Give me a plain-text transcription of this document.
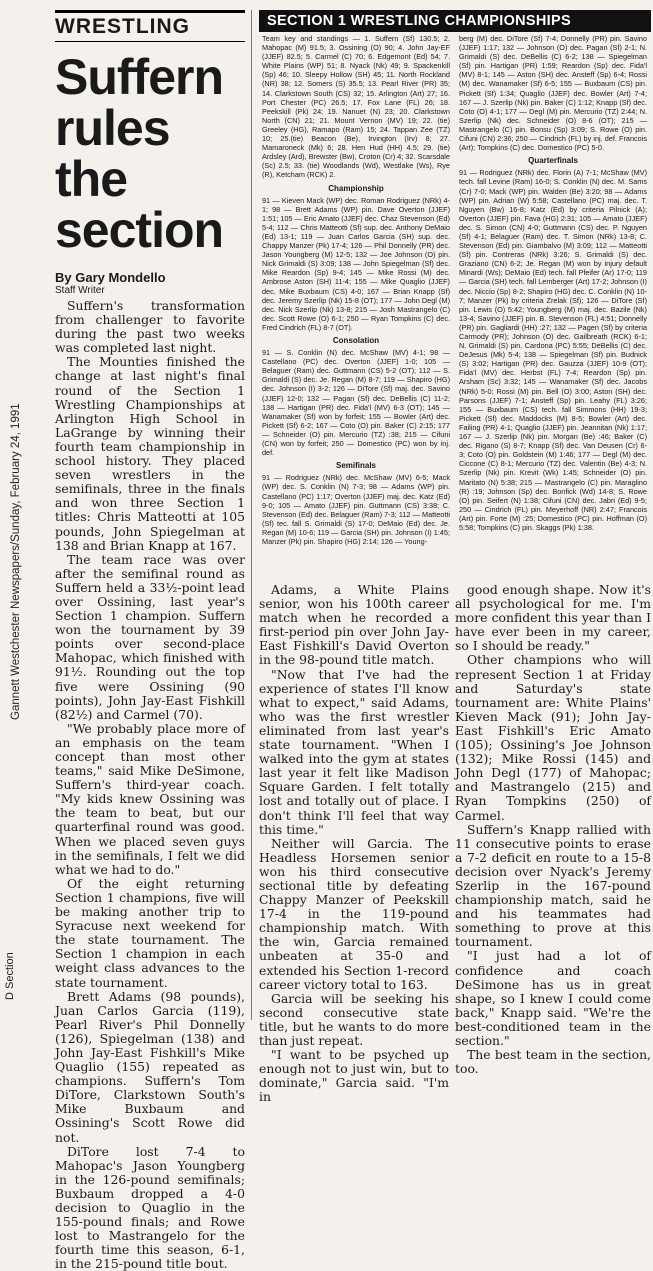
Gannett Westchester Newspapers/Sunday, February 24, 1991
D Section
WRESTLING
Suffern
rules the
section
By Gary Mondello
Staff Writer

Suffern's transformation from challenger to favorite during the past two weeks was completed last night.

The Mounties finished the change at last night's final round of the Section 1 Wrestling Championships at Arlington High School in LaGrange by winning their fourth team championship in school history. They placed seven wrestlers in the semifinals, three in the finals and won three Section 1 titles: Chris Matteotti at 105 pounds, John Spiegelman at 138 and Brian Knapp at 167.

The team race was over after the semifinal round as Suffern held a 33½-point lead over Ossining, last year's Section 1 champion. Suffern won the tournament by 39 points over second-place Mahopac, which finished with 91½. Rounding out the top five were Ossining (90 points), John Jay-East Fishkill (82½) and Carmel (70).

"We probably place more of an emphasis on the team concept than most other teams," said Mike DeSimone, Suffern's third-year coach. "My kids knew Ossining was the team to beat, but our quarterfinal round was good. When we placed seven guys in the semifinals, I felt we did what we had to do."

Of the eight returning Section 1 champions, five will be making another trip to Syracuse next weekend for the state tournament. The Section 1 champion in each weight class advances to the state tournament.

Brett Adams (98 pounds), Juan Carlos Garcia (119), Pearl River's Phil Donnelly (126), Spiegelman (138) and John Jay-East Fishkill's Mike Quaglio (155) repeated as champions. Suffern's Tom DiTore, Clarkstown South's Mike Buxbaum and Ossining's Scott Rowe did not.

DiTore lost 7-4 to Mahopac's Jason Youngberg in the 126-pound semifinals; Buxbaum dropped a 4-0 decision to Quaglio in the 155-pound finals; and Rowe lost to Mastrangelo for the fourth time this season, 6-1, in the 215-pound title bout.

SECTION 1 WRESTLING CHAMPIONSHIPS

Team key and standings — 1. Suffern (Sf) 130.5; 2. Mahopac (M) 91.5; 3. Ossining (O) 90; 4. John Jay-EF (JJEF) 82.5; 5. Carmel (C) 70; 6. Edgemont (Ed) 54; 7. White Plains (WP) 51; 8. Nyack (Nk) 49; 9. Spackenkill (Sp) 46; 10. Sleepy Hollow (SH) 45; 11. North Rockland (NR) 38; 12. Somers (S) 35.5; 13. Pearl River (PR) 35; 14. Clarkstown South (CS) 32; 15. Arlington (Art) 27; 16. Port Chester (PC) 26.5; 17. Fox Lane (FL) 26; 18. Peekskill (Pk) 24; 19. Nanuet (N) 23; 20. Clarkstown North (CN) 21; 21. Mount Vernon (MV) 19; 22. (tie) Greeley (HG), Ramapo (Ram) 15; 24. Tappan Zee (TZ) 10; 25.(tie) Beacon (Be), Irvington (Irv) 8; 27. Mamaroneck (Mk) 6; 28. Hen Hud (HH) 4.5; 29. (tie) Ardsley (Ard), Brewster (Bw), Croton (Cr) 4; 32. Scarsdale (Sc) 2.5; 33. (tie) Woodlands (Wd), Westlake (Ws), Rye (R), Ketcham (RCK) 2.

Championship

91 — Kieven Mack (WP) dec. Roman Rodriguez (NRk) 4-1; 98 — Brett Adams (WP) pin. Dave Overton (JJEF) 1:51; 105 — Eric Amato (JJEF) dec. Chaz Stevenson (Ed) 5-4; 112 — Chris Matteotti (Sf) sup. dec. Anthony DeMaio (Ed) 13-1; 119 — Juan Carlos Garcia (SH) sup. dec. Chappy Manzer (Pk) 17-4; 126 — Phil Donnelly (PR) dec. Jason Youngberg (M) 12-5; 132 — Joe Johnson (O) pin. Nick Grimaldi (S) 3:09; 138 — John Spiegelman (Sf) dec. Mike Reardon (Sp) 9-4; 145 — Mike Rossi (M) dec. Ambrose Aston (SH) 11-4; 155 — Mike Quaglio (JJEF) dec. Mike Buxbaum (CS) 4-0; 167 — Brian Knapp (Sf) dec. Jeremy Szerlip (Nk) 15-8 (OT); 177 — John Degl (M) dec. Nick Szerlip (Nk) 13-8; 215 — Josh Mastrangelo (C) dec. Scott Rowe (O) 6-1; 250 — Ryan Tompkins (C) dec. Fred Cindrich (FL) 8-7 (OT).

Consolation

91 — S. Conklin (N) dec. McShaw (MV) 4-1; 98 — Castellano (PC) dec. Overton (JJEF) 1-0; 105 — Belaguer (Ram) dec. Guttmann (CS) 5-2 (OT); 112 — S. Grimaldi (S) dec. Je. Regan (M) 8-7; 119 — Shapiro (HG) dec. Johnson (I) 3-2; 126 — DiTore (Sf) maj. dec. Savino (JJEF) 12-0; 132 — Pagan (Sf) dec. DeBellis (C) 11-2; 138 — Hartigan (PR) dec. Fida'l (MV) 6-3 (OT); 145 — Wanamaker (Sf) won by forfeit; 155 — Bowler (Art) dec. Pickett (Sf) 6-2; 167 — Coto (O) pin. Baker (C) 2:15; 177 — Schneider (O) pin. Mercurio (TZ) :38; 215 — Cifuni (CN) won by forfeit; 250 — Domestico (PC) won by inj. def.

Semifinals

91 — Rodriguez (NRk) dec. McShaw (MV) 6-5; Mack (WP) dec. S. Conklin (N) 7-3; 98 — Adams (WP) pin. Castellano (PC) 1:17; Overton (JJEF) maj. dec. Katz (Ed) 9-0; 105 — Amato (JJEF) pin. Guttmann (CS) 3:38; C. Stevenson (Ed) dec. Belaguer (Ram) 7-3; 112 — Matteotti (Sf) tec. fall S. Grimaldi (S) 17-0; DeMaio (Ed) dec. Je. Regan (M) 10-6; 119 — Garcia (SH) pin. Johnson (I) 1:45; Manzer (Pk) pin. Shapiro (HG) 2:14; 126 — Young-

berg (M) dec. DiTore (Sf) 7-4; Donnelly (PR) pin. Savino (JJEF) 1:17; 132 — Johnson (O) dec. Pagan (Sf) 2-1; N. Grimaldi (S) dec. DeBellis (C) 6-2; 138 — Spiegelman (Sf) pin. Hartigan (PR) 1:59; Reardon (Sp) dec. Fida'l (MV) 8-1; 145 — Aston (SH) dec. Ansteff (Sp) 6-4; Rossi (M) dec. Wanamaker (Sf) 6-5; 155 — Buxbaum (CS) pin. Pickett (Sf) 1:34; Quaglio (JJEF) dec. Bowler (Art) 7-4; 167 — J. Szerlip (Nk) pin. Baker (C) 1:12; Knapp (Sf) dec. Coto (O) 4-1; 177 — Degl (M) pin. Mercurio (TZ) 2:44; N. Szerlip (Nk) dec. Schneider (O) 8-6 (OT); 215 — Mastrangelo (C) pin. Bonsu (Sp) 3:09; S. Rowe (O) pin. Cifuni (CN) 2:36; 250 — Cindrich (FL) by inj. def. Francois (Art); Tompkins (C) dec. Domestico (PC) 5-0.

Quarterfinals

91 — Rodriguez (NRk) dec. Florin (A) 7-1; McShaw (MV) tech. fall Levine (Ram) 16-0; S. Conklin (N) dec. M. Sams (Cr) 7-0; Mack (WP) pin. Walden (Be) 3:20; 98 — Adams (WP) pin. Adrian (W) 5:58; Castellano (PC) maj. dec. T. Nguyen (Bw) 16-8; Katz (Ed) by criteria Pilnick (A); Overton (JJEF) pin. Fava (HG) 2:31; 105 — Amato (JJEF) dec. S. Simon (CN) 4-0; Guttmann (CS) dec. P. Nguyen (Sf) 4-1; Belaguer (Ram) dec. T. Simon (NRk) 13-8; C. Stevenson (Ed) pin. Giambalvo (M) 3:09; 112 — Matteotti (Sf) pin. Contreras (NRk) 3:26; S. Grimaldi (S) dec. Graziano (CN) 6-2; Je. Regan (M) won by injury default Minardi (Ws); DeMaio (Ed) tech. fall Pfeifer (Ar) 17-0; 119 — Garcia (SH) tech. fall Lemberger (Art) 17-2; Johnson (I) dec. Niccio (Sp) 8-2; Shapiro (HG) dec. C. Conklin (N) 10-7; Manzer (Pk) by criteria Zrelak (Sf); 126 — DiTore (Sf) pin. Lewis (O) 5:42; Youngberg (M) maj. dec. Bazile (Nk) 13-4; Savino (JJEF) pin. B. Stevenson (FL) 4:51; Donnelly (PR) pin. Gagliardi (HH) :27; 132 — Pagen (Sf) by criteria Carmody (PR); Johnson (O) dec. Gailbreath (RCK) 6-1; N. Grimaldi (S) pin. Cardona (PC) 5:55; DeBellis (C) dec. DeJesus (Mk) 5-4; 138 — Spiegelman (Sf) pin. Budnick (S) 3:02; Hartigan (PR) dec. Gauzza (JJEF) 10-9 (OT); Fida'l (MV) dec. Herbst (FL) 7-4; Reardon (Sp) pin. Arsham (Sc) 3:32; 145 — Wanamaker (Sf) dec. Jacobs (NRk) 5-0; Rossi (M) pin. Bell (O) 3:00; Aston (SH) dec. Parsons (JJEF) 7-1; Ansteff (Sp) pin. Leahy (FL) 3:26; 155 — Buxbaum (CS) tech. fall Simmons (HH) 19-3; Pickett (Sf) dec. Maddocks (M) 8-5; Bowler (Art) dec. Failing (PR) 4-1; Quaglio (JJEF) pin. Jeannitan (Nk) 1:17; 167 — J. Szerlip (Nk) pin. Morgan (Be) :46; Baker (C) dec. Rigano (S) 8-7; Knapp (Sf) dec. Van Deusen (Cr) 6-3; Coto (O) pin. Goldstein (M) 1:46; 177 — Degl (M) dec. Ciccone (C) 8-1; Mercurio (TZ) dec. Valentin (Be) 4-3; N. Szerlip (Nk) pin. Krevit (Wk) 1:45; Schneider (O) pin. Maritato (N) 5:38; 215 — Mastrangelo (C) pin. Maraglino (R) :19; Johnson (Sp) dec. Bonfick (Wd) 14-8; S. Rowe (O) pin. Seifert (N) 1:38; Cifuni (CN) dec. Jabri (Ed) 9-5; 250 — Cindrich (FL) pin. Meyerhoff (NR) 2:47; Francois (Art) pin. Forte (M) :25; Domestico (PC) pin. Hoffman (O) 5:58; Tompkins (C) pin. Skaggs (Pk) 1:38.

Adams, a White Plains senior, won his 100th career match when he recorded a first-period pin over John Jay-East Fishkill's David Overton in the 98-pound title match.

"Now that I've had the experience of states I'll know what to expect," said Adams, who was the first wrestler eliminated from last year's state tournament. "When I walked into the gym at states last year it felt like Madison Square Garden. I felt totally lost and totally out of place. I don't think I'll feel that way this time."

Neither will Garcia. The Headless Horsemen senior won his third consecutive sectional title by defeating Chappy Manzer of Peekskill 17-4 in the 119-pound championship match. With the win, Garcia remained unbeaten at 35-0 and extended his Section 1-record career victory total to 163.

Garcia will be seeking his second consecutive state title, but he wants to do more than just repeat.

"I want to be psyched up enough not to just win, but to dominate," Garcia said. "I'm in

good enough shape. Now it's all psychological for me. I'm more confident this year than I have ever been in my career, so I should be ready."

Other champions who will represent Section 1 at Friday and Saturday's state tournament are: White Plains' Kieven Mack (91); John Jay-East Fishkill's Eric Amato (105); Ossining's Joe Johnson (132); Mike Rossi (145) and John Degl (177) of Mahopac; and Mastrangelo (215) and Ryan Tompkins (250) of Carmel.

Suffern's Knapp rallied with 11 consecutive points to erase a 7-2 deficit en route to a 15-8 decision over Nyack's Jeremy Szerlip in the 167-pound championship match, said he and his teammates had something to prove at this tournament.

"I just had a lot of confidence and coach DeSimone has us in great shape, so I knew I could come back," Knapp said. "We're the best-conditioned team in the section."

The best team in the section, too.
